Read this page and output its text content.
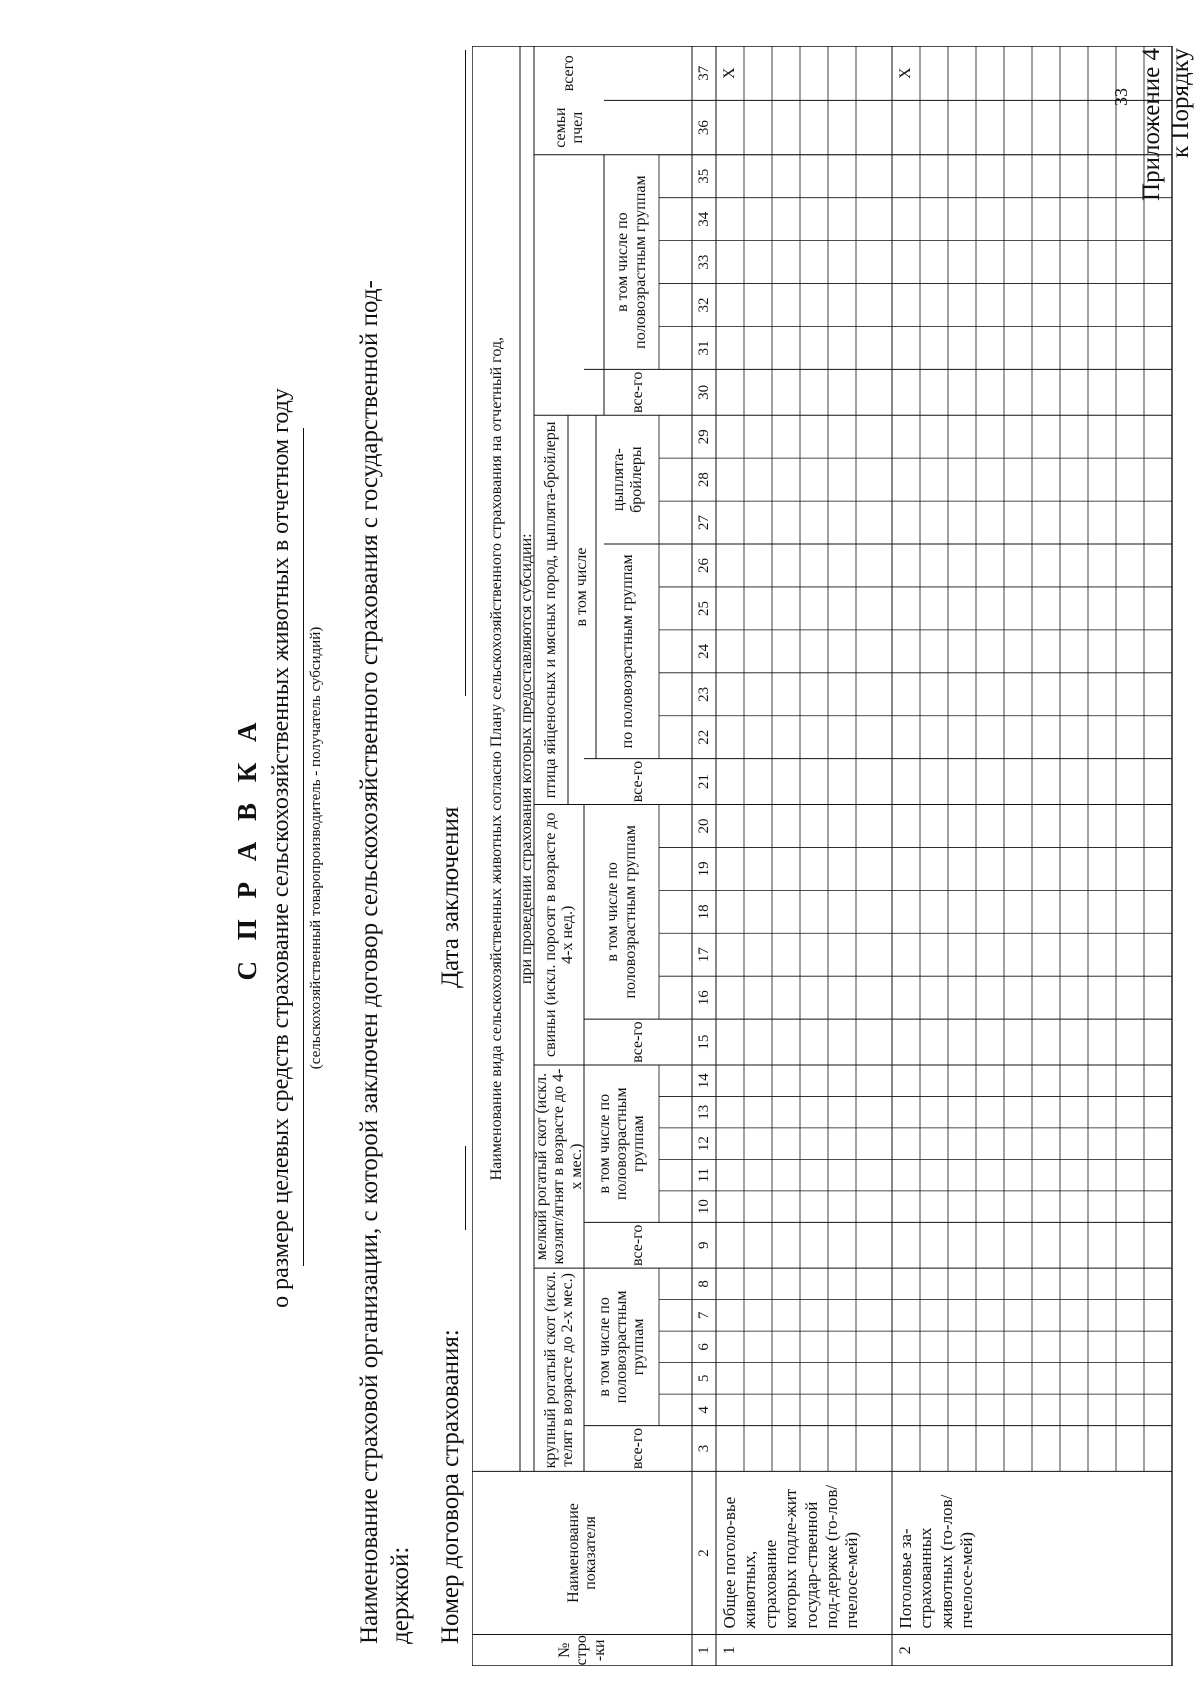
33 Приложение 4 к Порядку
С П Р А В К А о размере целевых средств страхование сельскохозяйственных животных в отчетном году (сельскохозяйственный товаропроизводитель - получатель субсидий) Наименование страховой организации, с которой заключен договор сельскохозяйственного страхования с государственной под- держкой: Номер договора страхования:
Дата заключения
№ стро -ки
Наименование показателя
Наименование вида сельскохозяйственных животных согласно Плану сельскохозяйственного страхования на отчетный год, при проведении страхования которых предоставляются субсидии:
крупный рогатый скот (искл. телят в возрасте до 2-х мес.)
мелкий рогатый скот (искл. козлят/ягнят в возрасте до 4-х мес.)
свиньи (искл. поросят в возрасте до 4-х нед.)
птица яйценосных и мясных пород, цыплята-бройлеры в том числе	по половозрастным группам
цыплята-бройлеры
семьи пчел
всего
все-го
все-го
все-го
все-го
все-го
в том числе по половозрастным группам
в том числе по половозрастным группам
в том числе по половозрастным группам
в том числе по половозрастным группам
1
2
3
4
5
6
7
8
9
10
11
12
13
14
15
16
17
18
19
20
21
22
23
24
25
26
27
28
29
30
31
32
33
34
35
36
37
1
Общее поголо-вье животных, страхование которых подле-жит государ-ственной под-держке (го-лов/пчелосе-мей)
X
2
Поголовье за-страхованных животных (го-лов/пчелосе-мей)
X
